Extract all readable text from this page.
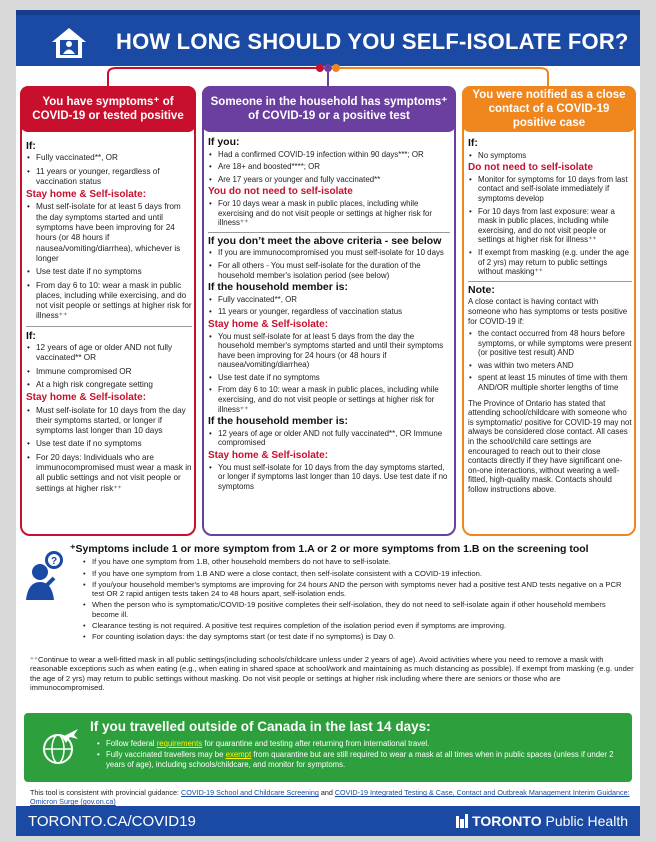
HOW LONG SHOULD YOU SELF-ISOLATE FOR?
You have symptoms⁺ of COVID-19 or tested positive
If:
• Fully vaccinated**, OR
• 11 years or younger, regardless of vaccination status
Stay home & Self-isolate:
• Must self-isolate for at least 5 days from the day symptoms started and until symptoms have been improving for 24 hours (or 48 hours if nausea/vomiting/diarrhea), whichever is longer
• Use test date if no symptoms
• From day 6 to 10: wear a mask in public places, including while exercising, and do not visit people or settings at higher risk for illness⁺⁺
If:
• 12 years of age or older AND not fully vaccinated** OR
• Immune compromised OR
• At a high risk congregate setting
Stay home & Self-isolate:
• Must self-isolate for 10 days from the day their symptoms started, or longer if symptoms last longer than 10 days
• Use test date if no symptoms
• For 20 days: Individuals who are immunocompromised must wear a mask in all public settings and not visit people or settings at higher risk⁺⁺
Someone in the household has symptoms⁺ of COVID-19 or a positive test
If you:
• Had a confirmed COVID-19 infection within 90 days***; OR
• Are 18+ and boosted****; OR
• Are 17 years or younger and fully vaccinated**
You do not need to self-isolate
• For 10 days wear a mask in public places, including while exercising and do not visit people or settings at higher risk for illness⁺⁺
If you don’t meet the above criteria - see below
• If you are immunocompromised you must self-isolate for 10 days
• For all others - You must self-isolate for the duration of the household member's isolation period (see below)
If the household member is:
• Fully vaccinated**, OR
• 11 years or younger, regardless of vaccination status
Stay home & Self-isolate:
• You must self-isolate for at least 5 days from the day the household member's symptoms started and until their symptoms have been improving for 24 hours (or 48 hours if nausea/vomiting/diarrhea)
• Use test date if no symptoms
• From day 6 to 10: wear a mask in public places, including while exercising, and do not visit people or settings at higher risk for illness⁺⁺
If the household member is:
• 12 years of age or older AND not fully vaccinated**, OR Immune compromised
Stay home & Self-isolate:
• You must self-isolate for 10 days from the day symptoms started, or longer if symptoms last longer than 10 days. Use test date if no symptoms
You were notified as a close contact of a COVID-19 positive case
If:
• No symptoms
Do not need to self-isolate
• Monitor for symptoms for 10 days from last contact and self-isolate immediately if symptoms develop
• For 10 days from last exposure: wear a mask in public places, including while exercising, and do not visit people or settings at higher risk for illness⁺⁺
• If exempt from masking (e.g. under the age of 2 yrs) may return to public settings without masking⁺⁺
Note:

A close contact is having contact with someone who has symptoms or tests positive for COVID-19 if:

• the contact occurred from 48 hours before symptoms, or while symptoms were present (or positive test result) AND
• was within two meters AND
• spent at least 15 minutes of time with them AND/OR multiple shorter lengths of time

The Province of Ontario has stated that attending school/childcare with someone who is symptomatic/ positive for COVID-19 may not always be considered close contact. All cases in the school/child care settings are encouraged to reach out to their close contacts directly if they have significant one-on-one interactions, without wearing a well-fitted, high-quality mask. Contacts should follow instructions above.

?
⁺Symptoms include 1 or more symptom from 1.A or 2 or more symptoms from 1.B on the screening tool
• If you have one symptom from 1.B, other household members do not have to self-isolate.
• If you have one symptom from 1.B AND were a close contact, then self-isolate consistent with a COVID-19 infection.
• If you/your household member's symptoms are improving for 24 hours AND the person with symptoms never had a positive test AND tests negative on a PCR test OR 2 rapid antigen tests taken 24 to 48 hours apart, self-isolation ends.
• When the person who is symptomatic/COVID-19 positive completes their self-isolation, they do not need to self-isolate again if other household members become ill.
• Clearance testing is not required. A positive test requires completion of the isolation period even if symptoms are improving.
• For counting isolation days: the day symptoms start (or test date if no symptoms) is Day 0.
⁺⁺Continue to wear a well-fitted mask in all public settings(including schools/childcare unless under 2 years of age). Avoid activities where you need to remove a mask with reasonable exceptions such as when eating (e.g., when eating in shared space at school/work and maintaining as much distancing as possible). If exempt from masking (e.g. under the age of 2 yrs) may return to public settings without masking. Do not visit people or settings at higher risk including where there are seniors or those who are immunocompromised.
If you travelled outside of Canada in the last 14 days:
• Follow federal requirements for quarantine and testing after returning from international travel.
• Fully vaccinated travellers may be exempt from quarantine but are still required to wear a mask at all times when in public spaces (unless if under 2 years of age), including schools/childcare, and monitor for symptoms.
This tool is consistent with provincial guidance: COVID-19 School and Childcare Screening and COVID-19 Integrated Testing & Case, Contact and Outbreak Management Interim Guidance: Omicron Surge (gov.on.ca)
TORONTO.CA/COVID19	TORONTO Public Health
